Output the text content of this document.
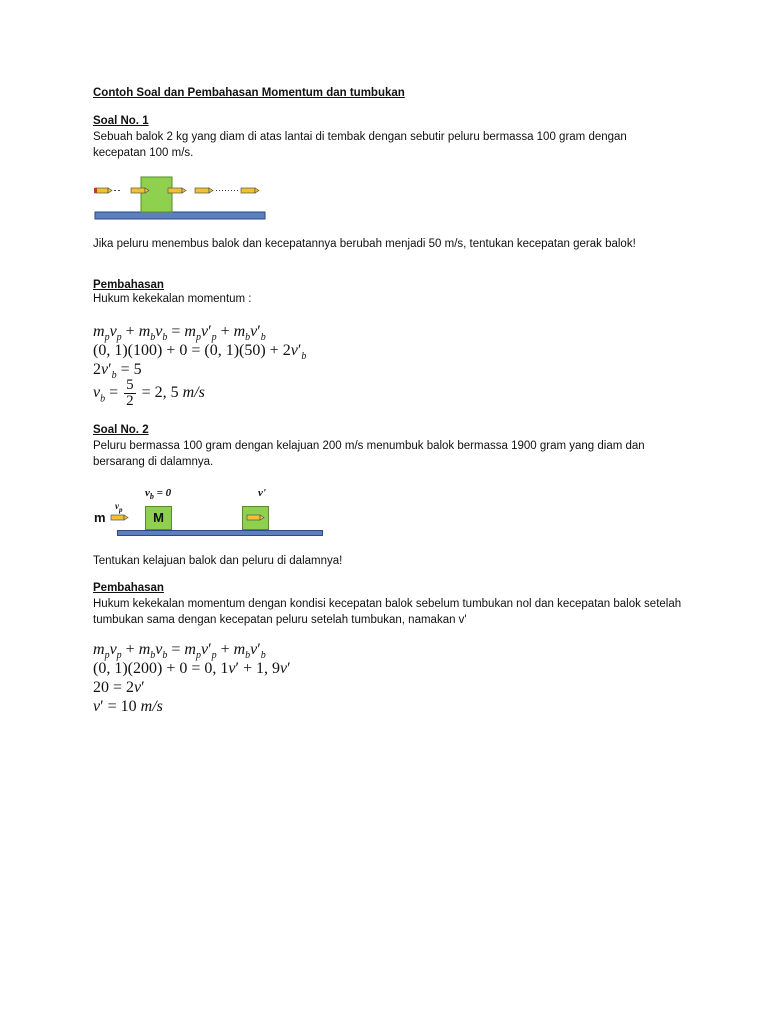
Contoh Soal dan Pembahasan Momentum dan tumbukan
Soal No. 1
Sebuah balok 2 kg yang diam di atas lantai di tembak dengan sebutir peluru bermassa 100 gram dengan kecepatan 100 m/s.
Jika peluru menembus balok dan kecepatannya berubah menjadi 50 m/s, tentukan kecepatan gerak balok!
Pembahasan
Hukum kekekalan momentum :
$m_pv_p + m_bv_b = m_pv'_p + m_bv'_b$
(0, 1)(100) + 0 = (0, $1)(50) + 2v'_b$
$2v'_b = 5$
$v_b = \frac{5}{2} = 2$, 5 m/s
Soal No. 2
Peluru bermassa 100 gram dengan kelajuan 200 m/s menumbuk balok bermassa 1900 gram yang diam dan bersarang di dalamnya.
m
$v_p$
$v_b = 0$
M
v'
Tentukan kelajuan balok dan peluru di dalamnya!
Pembahasan
Hukum kekekalan momentum dengan kondisi kecepatan balok sebelum tumbukan nol dan kecepatan balok setelah tumbukan sama dengan kecepatan peluru setelah tumbukan, namakan v'
$m_pv_p + m_bv_b = m_pv'_p + m_bv'_b$
(0, 1)(200) + 0 = 0, 1v′ + 1, 9v′
20 = 2v′
v′ = 10 m/s
